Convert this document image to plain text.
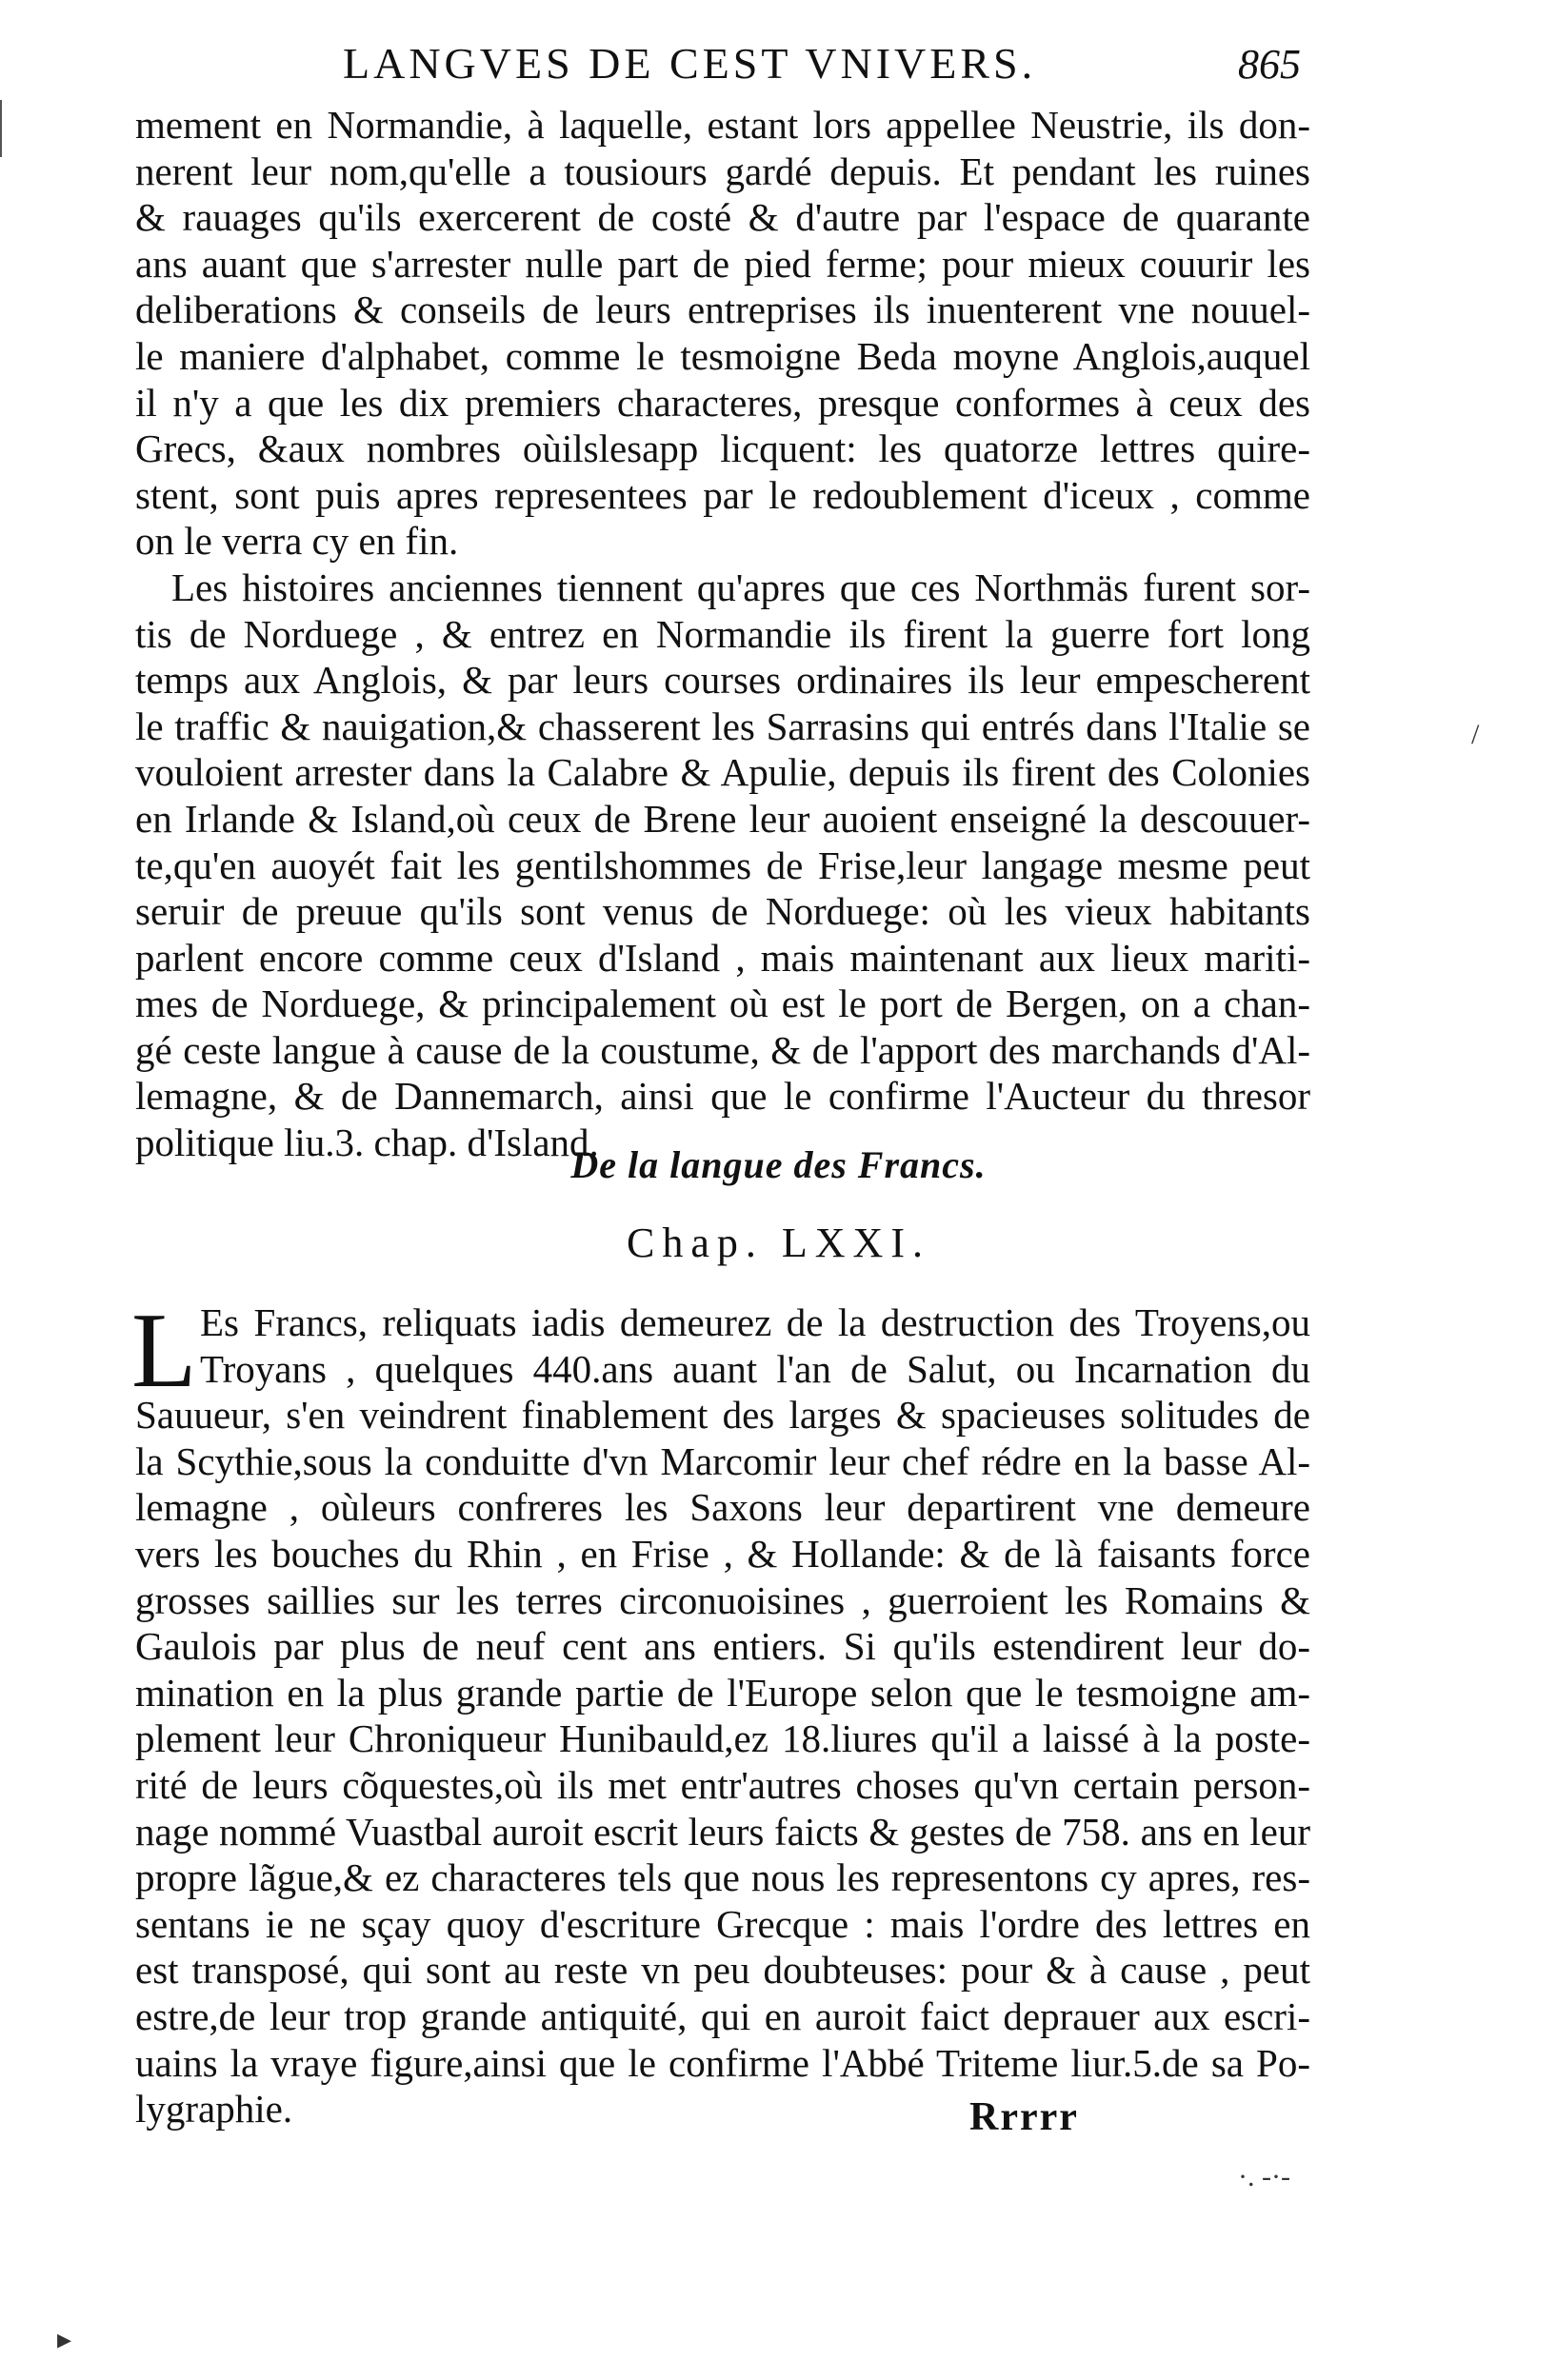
LANGVES DE CEST VNIVERS.	865
mement en Normandie, à laquelle, estant lors appellee Neustrie, ils don-
nerent leur nom,qu'elle a tousiours gardé depuis. Et pendant les ruines
& rauages qu'ils exercerent de costé & d'autre par l'espace de quarante
ans auant que s'arrester nulle part de pied ferme; pour mieux couurir les
deliberations & conseils de leurs entreprises ils inuenterent vne nouuel-
le maniere d'alphabet, comme le tesmoigne Beda moyne Anglois,auquel
il n'y a que les dix premiers characteres, presque conformes à ceux des
Grecs, &aux nombres oùilslesapp licquent: les quatorze lettres quire-
stent, sont puis apres representees par le redoublement d'iceux , comme
on le verra cy en fin.
Les histoires anciennes tiennent qu'apres que ces Northmäs furent sor-
tis de Norduege , & entrez en Normandie ils firent la guerre fort long
temps aux Anglois, & par leurs courses ordinaires ils leur empescherent
le traffic & nauigation,& chasserent les Sarrasins qui entrés dans l'Italie se
vouloient arrester dans la Calabre & Apulie, depuis ils firent des Colonies
en Irlande & Island,où ceux de Brene leur auoient enseigné la descouuer-
te,qu'en auoyét fait les gentilshommes de Frise,leur langage mesme peut
seruir de preuue qu'ils sont venus de Norduege: où les vieux habitants
parlent encore comme ceux d'Island , mais maintenant aux lieux mariti-
mes de Norduege, & principalement où est le port de Bergen, on a chan-
gé ceste langue à cause de la coustume, & de l'apport des marchands d'Al-
lemagne, & de Dannemarch, ainsi que le confirme l'Aucteur du thresor
politique liu.3. chap. d'Island.
De la langue des Francs.
Chap. LXXI.
L Es Francs, reliquats iadis demeurez de la destruction des Troyens,ou
Troyans , quelques 440.ans auant l'an de Salut, ou Incarnation du
Sauueur, s'en veindrent finablement des larges & spacieuses solitudes de
la Scythie,sous la conduitte d'vn Marcomir leur chef rédre en la basse Al-
lemagne , oùleurs confreres les Saxons leur departirent vne demeure
vers les bouches du Rhin , en Frise , & Hollande: & de là faisants force
grosses saillies sur les terres circonuoisines , guerroient les Romains &
Gaulois par plus de neuf cent ans entiers. Si qu'ils estendirent leur do-
mination en la plus grande partie de l'Europe selon que le tesmoigne am-
plement leur Chroniqueur Hunibauld,ez 18.liures qu'il a laissé à la poste-
rité de leurs cõquestes,où ils met entr'autres choses qu'vn certain person-
nage nommé Vuastbal auroit escrit leurs faicts & gestes de 758. ans en leur
propre lãgue,& ez characteres tels que nous les representons cy apres, res-
sentans ie ne sçay quoy d'escriture Grecque : mais l'ordre des lettres en
est transposé, qui sont au reste vn peu doubteuses: pour & à cause , peut
estre,de leur trop grande antiquité, qui en auroit faict deprauer aux escri-
uains la vraye figure,ainsi que le confirme l'Abbé Triteme liur.5.de sa Po-
lygraphie.	Rrrrr
/
·. -·-
▸
